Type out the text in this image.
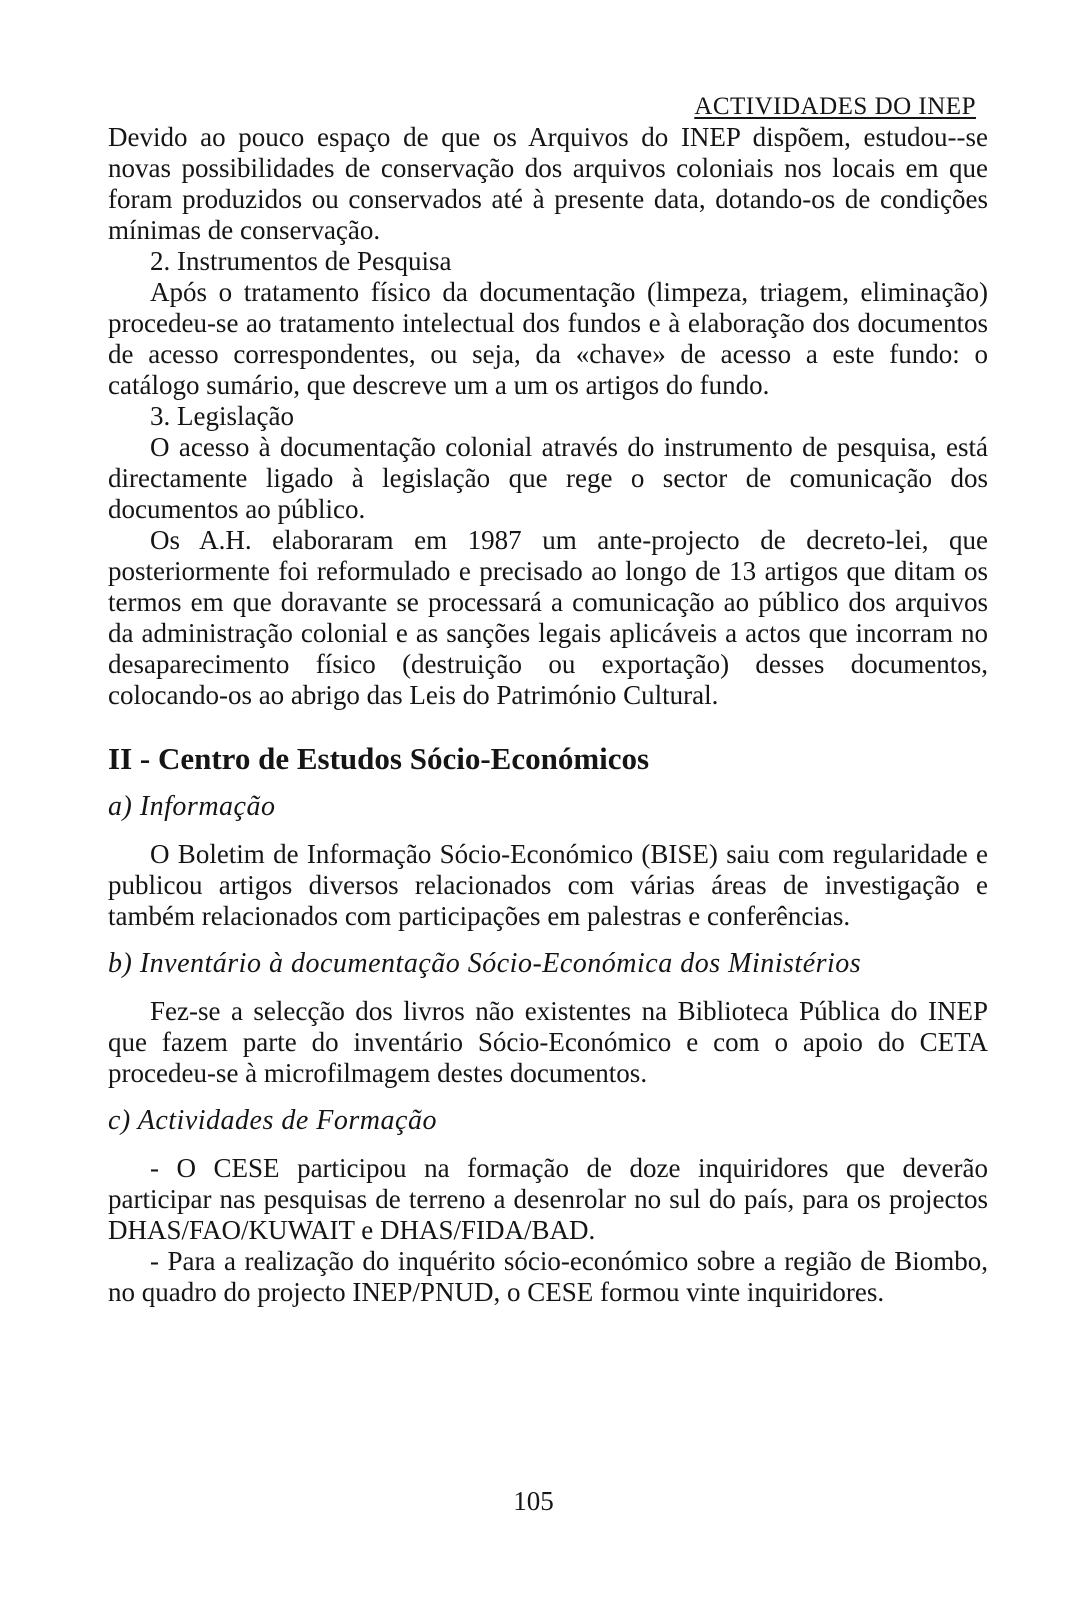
ACTIVIDADES DO INEP

Devido ao pouco espaço de que os Arquivos do INEP dispõem, estudou--se novas possibilidades de conservação dos arquivos coloniais nos locais em que foram produzidos ou conservados até à presente data, dotando-os de condições mínimas de conservação.

2. Instrumentos de Pesquisa

Após o tratamento físico da documentação (limpeza, triagem, eliminação) procedeu-se ao tratamento intelectual dos fundos e à elaboração dos documentos de acesso correspondentes, ou seja, da «chave» de acesso a este fundo: o catálogo sumário, que descreve um a um os artigos do fundo.

3. Legislação

O acesso à documentação colonial através do instrumento de pesquisa, está directamente ligado à legislação que rege o sector de comunicação dos documentos ao público.

Os A.H. elaboraram em 1987 um ante-projecto de decreto-lei, que posteriormente foi reformulado e precisado ao longo de 13 artigos que ditam os termos em que doravante se processará a comunicação ao público dos arquivos da administração colonial e as sanções legais aplicáveis a actos que incorram no desaparecimento físico (destruição ou exportação) desses documentos, colocando-os ao abrigo das Leis do Património Cultural.

II - Centro de Estudos Sócio-Económicos
a) Informação

O Boletim de Informação Sócio-Económico (BISE) saiu com regularidade e publicou artigos diversos relacionados com várias áreas de investigação e também relacionados com participações em palestras e conferências.

b) Inventário à documentação Sócio-Económica dos Ministérios

Fez-se a selecção dos livros não existentes na Biblioteca Pública do INEP que fazem parte do inventário Sócio-Económico e com o apoio do CETA procedeu-se à microfilmagem destes documentos.

c) Actividades de Formação

- O CESE participou na formação de doze inquiridores que deverão participar nas pesquisas de terreno a desenrolar no sul do país, para os projectos DHAS/FAO/KUWAIT e DHAS/FIDA/BAD.

- Para a realização do inquérito sócio-económico sobre a região de Biombo, no quadro do projecto INEP/PNUD, o CESE formou vinte inquiridores.

105
